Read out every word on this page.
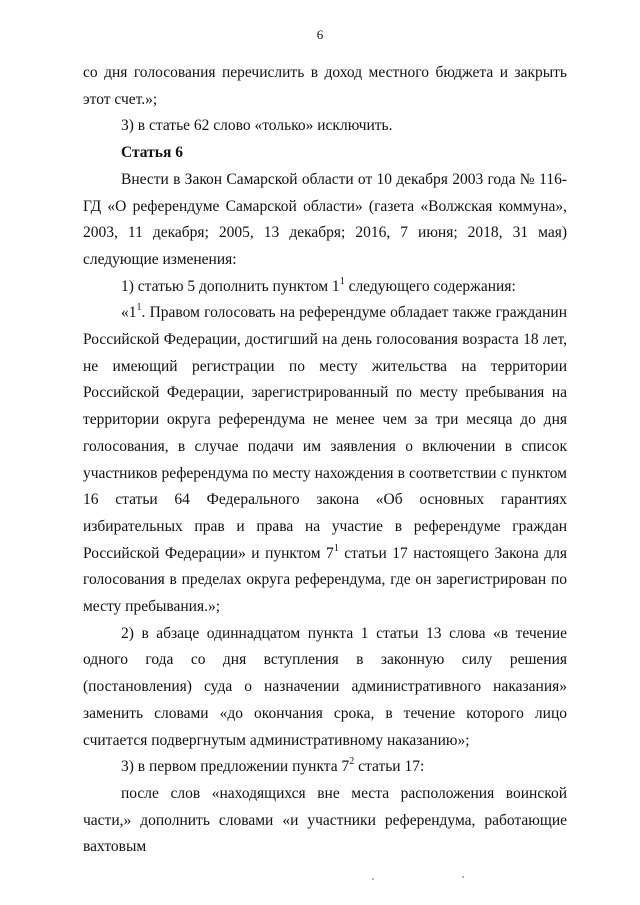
6

со дня голосования перечислить в доход местного бюджета и закрыть этот счет.»;

3) в статье 62 слово «только» исключить.

Статья 6

Внести в Закон Самарской области от 10 декабря 2003 года № 116-ГД «О референдуме Самарской области» (газета «Волжская коммуна», 2003, 11 декабря; 2005, 13 декабря; 2016, 7 июня; 2018, 31 мая) следующие изменения:

1) статью 5 дополнить пунктом $1^1$ следующего содержания:

«$1^1$. Правом голосовать на референдуме обладает также гражданин Российской Федерации, достигший на день голосования возраста 18 лет, не имеющий регистрации по месту жительства на территории Российской Федерации, зарегистрированный по месту пребывания на территории округа референдума не менее чем за три месяца до дня голосования, в случае подачи им заявления о включении в список участников референдума по месту нахождения в соответствии с пунктом 16 статьи 64 Федерального закона «Об основных гарантиях избирательных прав и права на участие в референдуме граждан Российской Федерации» и пунктом $7^1$ статьи 17 настоящего Закона для голосования в пределах округа референдума, где он зарегистрирован по месту пребывания.»;

2) в абзаце одиннадцатом пункта 1 статьи 13 слова «в течение одного года со дня вступления в законную силу решения (постановления) суда о назначении административного наказания» заменить словами «до окончания срока, в течение которого лицо считается подвергнутым административному наказанию»;

3) в первом предложении пункта $7^2$ статьи 17:

после слов «находящихся вне места расположения воинской части,» дополнить словами «и участники референдума, работающие вахтовым
